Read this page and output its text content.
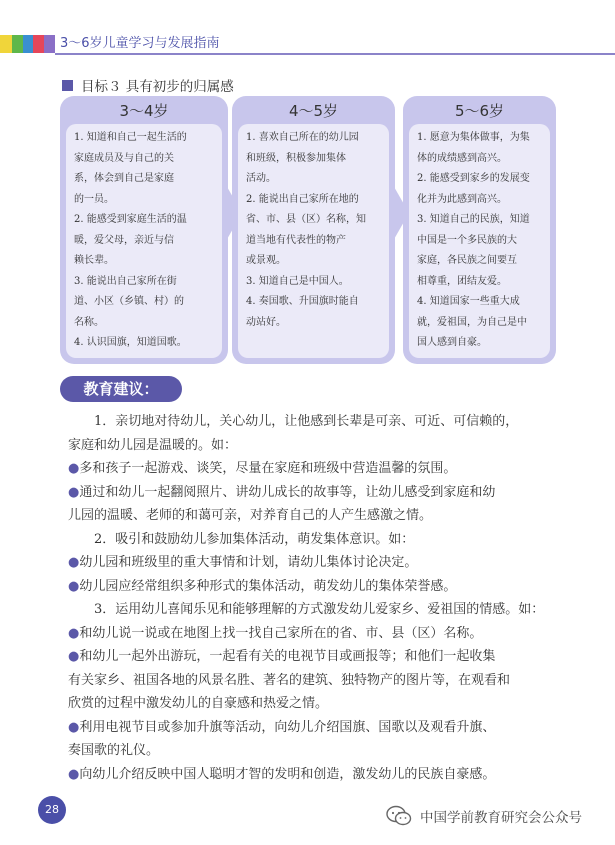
3～6岁儿童学习与发展指南
目标３ 具有初步的归属感
3～4岁
1. 知道和自己一起生活的
家庭成员及与自己的关
系，体会到自己是家庭
的一员。
2. 能感受到家庭生活的温
暖，爱父母，亲近与信
赖长辈。
3. 能说出自己家所在街
道、小区（乡镇、村）的
名称。
4. 认识国旗，知道国歌。
4～5岁
1. 喜欢自己所在的幼儿园
和班级，积极参加集体
活动。
2. 能说出自己家所在地的
省、市、县（区）名称，知
道当地有代表性的物产
或景观。
3. 知道自己是中国人。
4. 奏国歌、升国旗时能自
动站好。
5～6岁
1. 愿意为集体做事，为集
体的成绩感到高兴。
2. 能感受到家乡的发展变
化并为此感到高兴。
3. 知道自己的民族，知道
中国是一个多民族的大
家庭，各民族之间要互
相尊重，团结友爱。
4. 知道国家一些重大成
就，爱祖国，为自己是中
国人感到自豪。
教育建议：
1．亲切地对待幼儿，关心幼儿，让他感到长辈是可亲、可近、可信赖的，
家庭和幼儿园是温暖的。如：
●多和孩子一起游戏、谈笑，尽量在家庭和班级中营造温馨的氛围。
●通过和幼儿一起翻阅照片、讲幼儿成长的故事等，让幼儿感受到家庭和幼
儿园的温暖、老师的和蔼可亲，对养育自己的人产生感激之情。
2．吸引和鼓励幼儿参加集体活动，萌发集体意识。如：
●幼儿园和班级里的重大事情和计划，请幼儿集体讨论决定。
●幼儿园应经常组织多种形式的集体活动，萌发幼儿的集体荣誉感。
3．运用幼儿喜闻乐见和能够理解的方式激发幼儿爱家乡、爱祖国的情感。如：
●和幼儿说一说或在地图上找一找自己家所在的省、市、县（区）名称。
●和幼儿一起外出游玩，一起看有关的电视节目或画报等；和他们一起收集
有关家乡、祖国各地的风景名胜、著名的建筑、独特物产的图片等，在观看和
欣赏的过程中激发幼儿的自豪感和热爱之情。
●利用电视节目或参加升旗等活动，向幼儿介绍国旗、国歌以及观看升旗、
奏国歌的礼仪。
●向幼儿介绍反映中国人聪明才智的发明和创造，激发幼儿的民族自豪感。
28
中国学前教育研究会公众号
